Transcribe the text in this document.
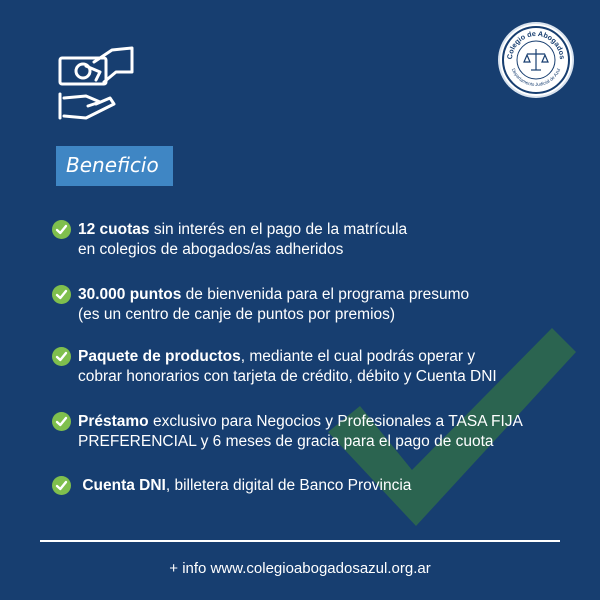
Colegio de Abogados
Departamento Judicial de Azul
Beneficio
12 cuotas sin interés en el pago de la matrícula
en colegios de abogados/as adheridos
30.000 puntos de bienvenida para el programa presumo
(es un centro de canje de puntos por premios)
Paquete de productos, mediante el cual podrás operar y
cobrar honorarios con tarjeta de crédito, débito y Cuenta DNI
Préstamo exclusivo para Negocios y Profesionales a TASA FIJA
PREFERENCIAL y 6 meses de gracia para el pago de cuota
Cuenta DNI, billetera digital de Banco Provincia
+ info www.colegioabogadosazul.org.ar
